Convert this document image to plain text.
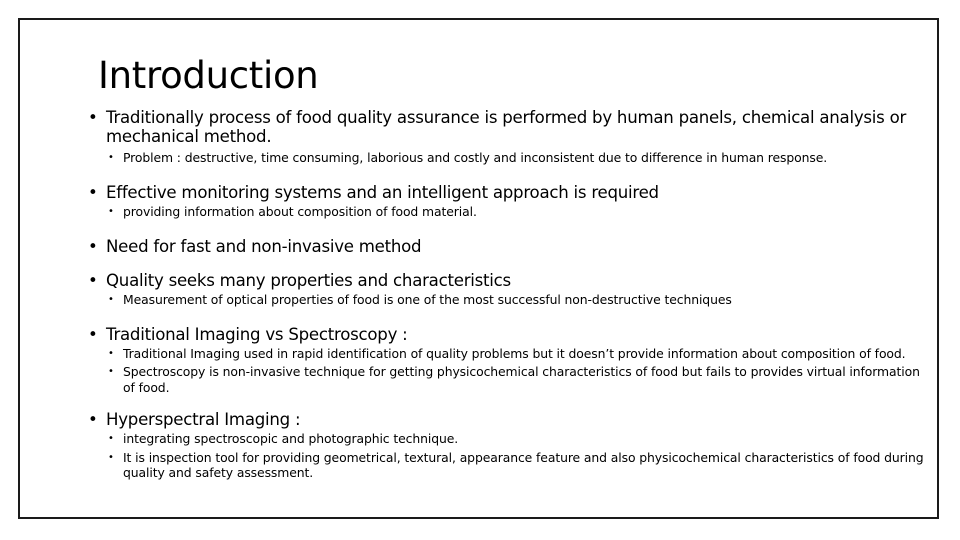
Introduction
• Traditionally process of food quality assurance is performed by human panels, chemical analysis or mechanical method.
• Problem : destructive, time consuming, laborious and costly and inconsistent due to difference in human response.
• Effective monitoring systems and an intelligent approach is required
• providing information about composition of food material.
• Need for fast and non-invasive method
• Quality seeks many properties and characteristics
• Measurement of optical properties of food is one of the most successful non-destructive techniques
• Traditional Imaging vs Spectroscopy :
• Traditional Imaging used in rapid identification of quality problems but it doesn’t provide information about composition of food.
• Spectroscopy is non-invasive technique for getting physicochemical characteristics of food but fails to provides virtual information of food.
• Hyperspectral Imaging :
• integrating spectroscopic and photographic technique.
• It is inspection tool for providing geometrical, textural, appearance feature and also physicochemical characteristics of food during quality and safety assessment.
